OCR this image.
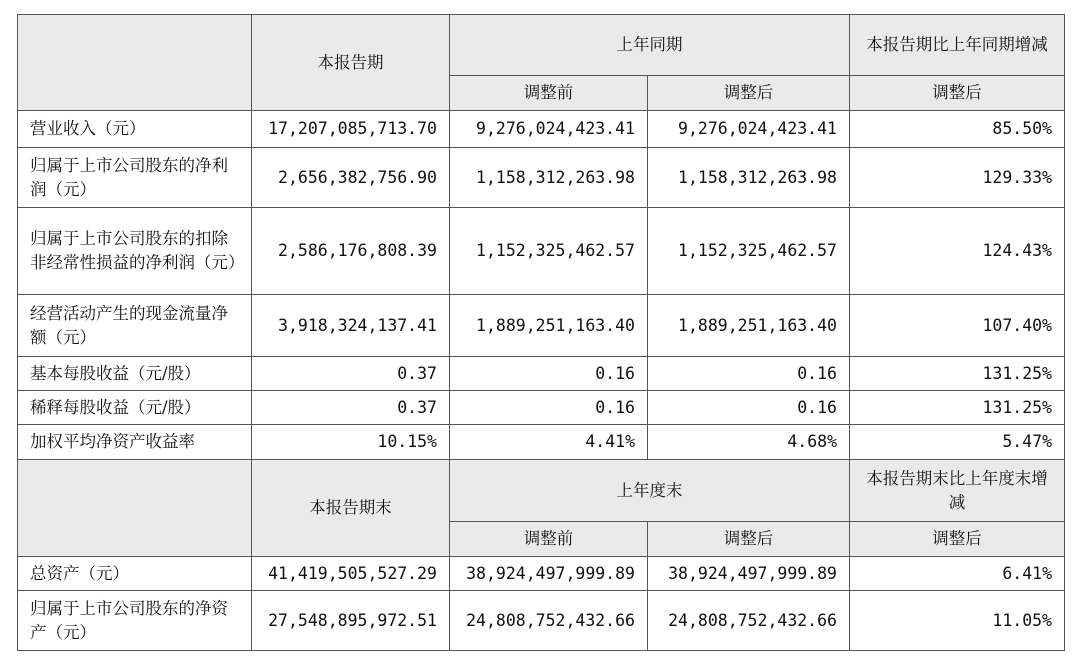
	本报告期	上年同期		本报告期比上年同期增减
		调整前	调整后	调整后
营业收入（元）	17,207,085,713.70	9,276,024,423.41	9,276,024,423.41	85.50%
归属于上市公司股东的净利润（元）	2,656,382,756.90	1,158,312,263.98	1,158,312,263.98	129.33%
归属于上市公司股东的扣除非经常性损益的净利润（元）	2,586,176,808.39	1,152,325,462.57	1,152,325,462.57	124.43%
经营活动产生的现金流量净额（元）	3,918,324,137.41	1,889,251,163.40	1,889,251,163.40	107.40%
基本每股收益（元/股）	0.37	0.16	0.16	131.25%
稀释每股收益（元/股）	0.37	0.16	0.16	131.25%
加权平均净资产收益率	10.15%	4.41%	4.68%	5.47%
	本报告期末	上年度末		本报告期末比上年度末增减
		调整前	调整后	调整后
总资产（元）	41,419,505,527.29	38,924,497,999.89	38,924,497,999.89	6.41%
归属于上市公司股东的净资产（元）	27,548,895,972.51	24,808,752,432.66	24,808,752,432.66	11.05%
